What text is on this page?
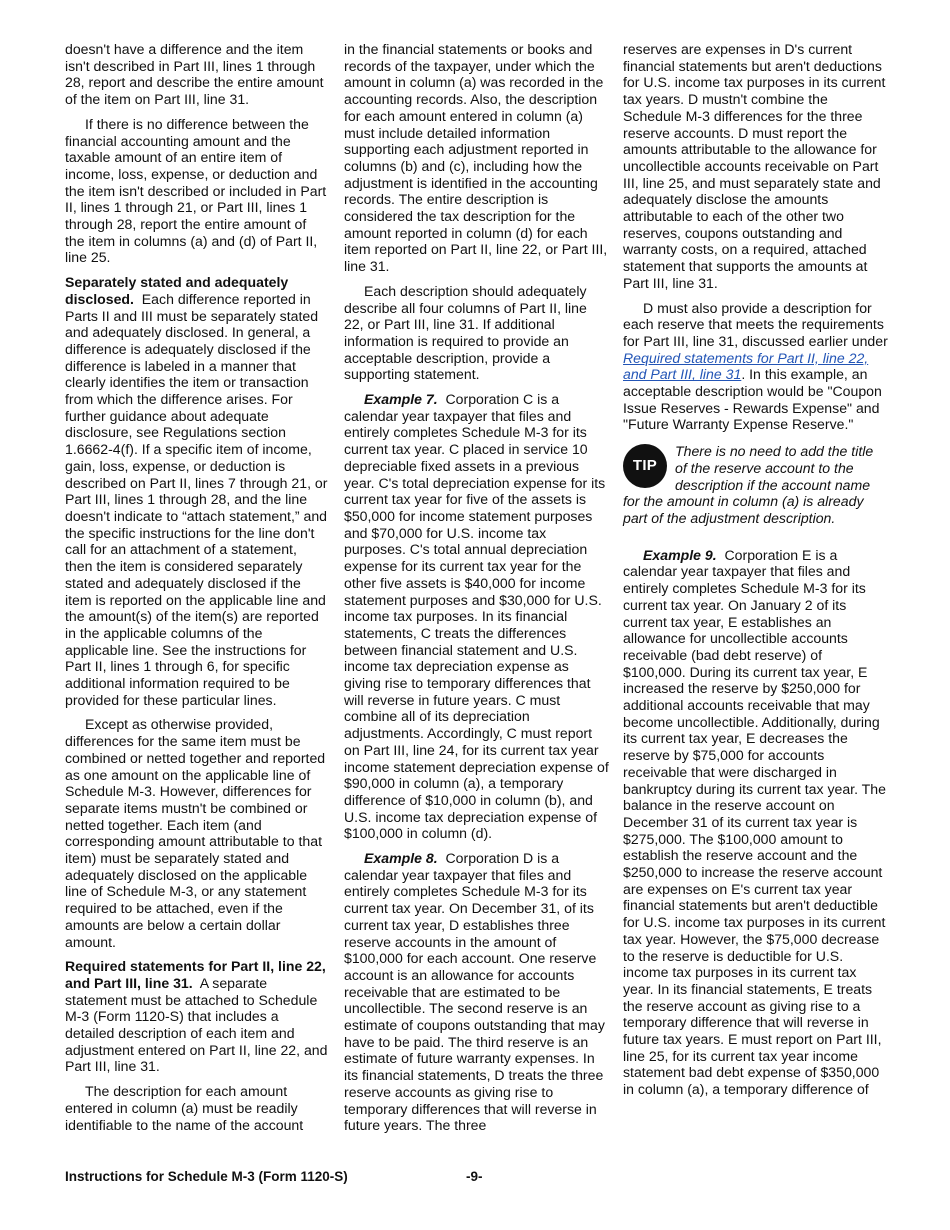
doesn't have a difference and the item isn't described in Part III, lines 1 through 28, report and describe the entire amount of the item on Part III, line 31.

If there is no difference between the financial accounting amount and the taxable amount of an entire item of income, loss, expense, or deduction and the item isn't described or included in Part II, lines 1 through 21, or Part III, lines 1 through 28, report the entire amount of the item in columns (a) and (d) of Part II, line 25.

Separately stated and adequately disclosed. Each difference reported in Parts II and III must be separately stated and adequately disclosed. In general, a difference is adequately disclosed if the difference is labeled in a manner that clearly identifies the item or transaction from which the difference arises. For further guidance about adequate disclosure, see Regulations section 1.6662-4(f). If a specific item of income, gain, loss, expense, or deduction is described on Part II, lines 7 through 21, or Part III, lines 1 through 28, and the line doesn't indicate to “attach statement,” and the specific instructions for the line don't call for an attachment of a statement, then the item is considered separately stated and adequately disclosed if the item is reported on the applicable line and the amount(s) of the item(s) are reported in the applicable columns of the applicable line. See the instructions for Part II, lines 1 through 6, for specific additional information required to be provided for these particular lines.

Except as otherwise provided, differences for the same item must be combined or netted together and reported as one amount on the applicable line of Schedule M-3. However, differences for separate items mustn't be combined or netted together. Each item (and corresponding amount attributable to that item) must be separately stated and adequately disclosed on the applicable line of Schedule M-3, or any statement required to be attached, even if the amounts are below a certain dollar amount.

Required statements for Part II, line 22, and Part III, line 31. A separate statement must be attached to Schedule M-3 (Form 1120-S) that includes a detailed description of each item and adjustment entered on Part II, line 22, and Part III, line 31.

The description for each amount entered in column (a) must be readily identifiable to the name of the account

in the financial statements or books and records of the taxpayer, under which the amount in column (a) was recorded in the accounting records. Also, the description for each amount entered in column (a) must include detailed information supporting each adjustment reported in columns (b) and (c), including how the adjustment is identified in the accounting records. The entire description is considered the tax description for the amount reported in column (d) for each item reported on Part II, line 22, or Part III, line 31.

Each description should adequately describe all four columns of Part II, line 22, or Part III, line 31. If additional information is required to provide an acceptable description, provide a supporting statement.

Example 7. Corporation C is a calendar year taxpayer that files and entirely completes Schedule M-3 for its current tax year. C placed in service 10 depreciable fixed assets in a previous year. C's total depreciation expense for its current tax year for five of the assets is $50,000 for income statement purposes and $70,000 for U.S. income tax purposes. C's total annual depreciation expense for its current tax year for the other five assets is $40,000 for income statement purposes and $30,000 for U.S. income tax purposes. In its financial statements, C treats the differences between financial statement and U.S. income tax depreciation expense as giving rise to temporary differences that will reverse in future years. C must combine all of its depreciation adjustments. Accordingly, C must report on Part III, line 24, for its current tax year income statement depreciation expense of $90,000 in column (a), a temporary difference of $10,000 in column (b), and U.S. income tax depreciation expense of $100,000 in column (d).

Example 8. Corporation D is a calendar year taxpayer that files and entirely completes Schedule M-3 for its current tax year. On December 31, of its current tax year, D establishes three reserve accounts in the amount of $100,000 for each account. One reserve account is an allowance for accounts receivable that are estimated to be uncollectible. The second reserve is an estimate of coupons outstanding that may have to be paid. The third reserve is an estimate of future warranty expenses. In its financial statements, D treats the three reserve accounts as giving rise to temporary differences that will reverse in future years. The three

reserves are expenses in D's current financial statements but aren't deductions for U.S. income tax purposes in its current tax years. D mustn't combine the Schedule M-3 differences for the three reserve accounts. D must report the amounts attributable to the allowance for uncollectible accounts receivable on Part III, line 25, and must separately state and adequately disclose the amounts attributable to each of the other two reserves, coupons outstanding and warranty costs, on a required, attached statement that supports the amounts at Part III, line 31.

D must also provide a description for each reserve that meets the requirements for Part III, line 31, discussed earlier under Required statements for Part II, line 22, and Part III, line 31. In this example, an acceptable description would be "Coupon Issue Reserves - Rewards Expense" and "Future Warranty Expense Reserve."

TIP
There is no need to add the title of the reserve account to the description if the account name for the amount in column (a) is already part of the adjustment description.

Example 9. Corporation E is a calendar year taxpayer that files and entirely completes Schedule M-3 for its current tax year. On January 2 of its current tax year, E establishes an allowance for uncollectible accounts receivable (bad debt reserve) of $100,000. During its current tax year, E increased the reserve by $250,000 for additional accounts receivable that may become uncollectible. Additionally, during its current tax year, E decreases the reserve by $75,000 for accounts receivable that were discharged in bankruptcy during its current tax year. The balance in the reserve account on December 31 of its current tax year is $275,000. The $100,000 amount to establish the reserve account and the $250,000 to increase the reserve account are expenses on E's current tax year financial statements but aren't deductible for U.S. income tax purposes in its current tax year. However, the $75,000 decrease to the reserve is deductible for U.S. income tax purposes in its current tax year. In its financial statements, E treats the reserve account as giving rise to a temporary difference that will reverse in future tax years. E must report on Part III, line 25, for its current tax year income statement bad debt expense of $350,000 in column (a), a temporary difference of

Instructions for Schedule M-3 (Form 1120-S)	-9-
